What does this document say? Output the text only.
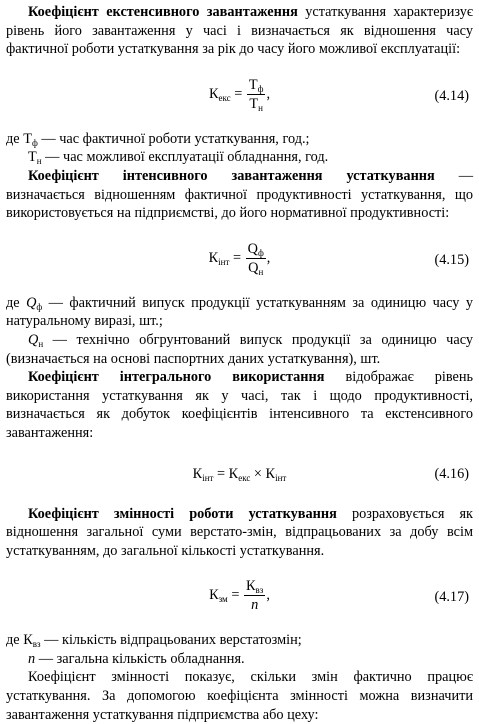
Коефіцієнт екстенсивного завантаження устаткування характеризує рівень його завантаження у часі і визначається як відношення часу фактичної роботи устаткування за рік до часу його можливої експлуатації:

$К_{екс} = \frac{Т_ф}{Т_н}$ ,	(4.14)

де $Т_ф$ — час фактичної роботи устаткування, год.;

$Т_н$ — час можливої експлуатації обладнання, год.

Коефіцієнт інтенсивного завантаження устаткування — визначається відношенням фактичної продуктивності устаткування, що використовується на підприємстві, до його нормативної продуктивності:

$К_{інт} = \frac{Q_ф}{Q_н}$ ,	(4.15)

де $Q_ф$ — фактичний випуск продукції устаткуванням за одиницю часу у натуральному виразі, шт.;

$Q_н$ — технічно обгрунтований випуск продукції за одиницю часу (визначається на основі паспортних даних устаткування), шт.

Коефіцієнт інтегрального використання відображає рівень використання устаткування як у часі, так і щодо продуктивності, визначається як добуток коефіцієнтів інтенсивного та екстенсивного завантаження:

$К_{інт} = К_{екс} \times К_{інт}$	(4.16)

Коефіцієнт змінності роботи устаткування розраховується як відношення загальної суми верстато-змін, відпрацьованих за добу всім устаткуванням, до загальної кількості устаткування.

$К_{зм} = \frac{К_{вз}}{n}$ ,	(4.17)

де $К_{вз}$ — кількість відпрацьованих верстатозмін;

n — загальна кількість обладнання.

Коефіцієнт змінності показує, скільки змін фактично працює устаткування. За допомогою коефіцієнта змінності можна визначити завантаження устаткування підприємства або цеху:
